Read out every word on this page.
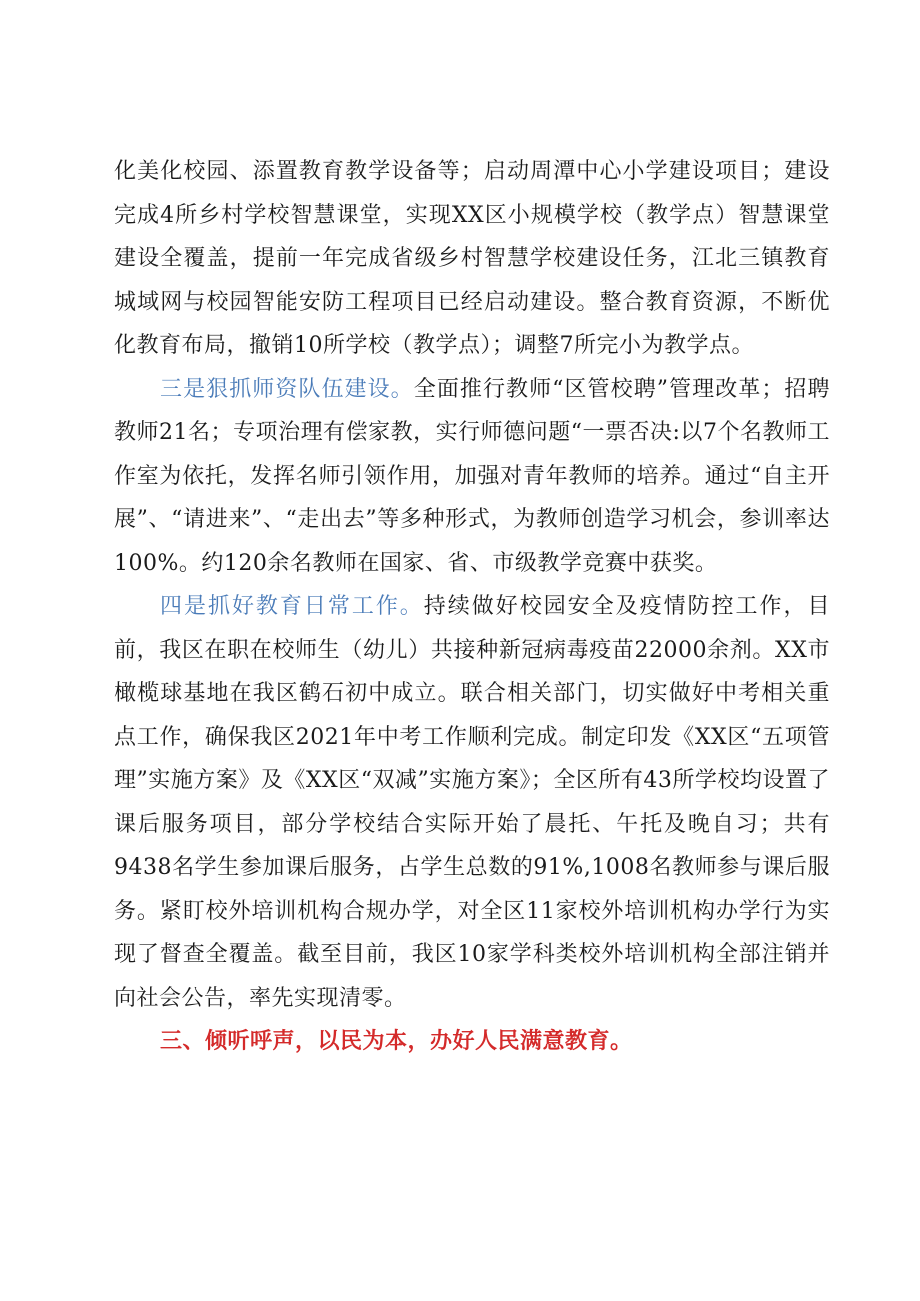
化美化校园、添置教育教学设备等；启动周潭中心小学建设项目；建设完成4所乡村学校智慧课堂，实现XX区小规模学校（教学点）智慧课堂建设全覆盖，提前一年完成省级乡村智慧学校建设任务，江北三镇教育城域网与校园智能安防工程项目已经启动建设。整合教育资源，不断优化教育布局，撤销10所学校（教学点）；调整7所完小为教学点。

三是狠抓师资队伍建设。全面推行教师“区管校聘”管理改革；招聘教师21名；专项治理有偿家教，实行师德问题“一票否决:以7个名教师工作室为依托，发挥名师引领作用，加强对青年教师的培养。通过“自主开展”、“请进来”、“走出去”等多种形式，为教师创造学习机会，参训率达100%。约120余名教师在国家、省、市级教学竞赛中获奖。

四是抓好教育日常工作。持续做好校园安全及疫情防控工作，目前，我区在职在校师生（幼儿）共接种新冠病毒疫苗22000余剂。XX市橄榄球基地在我区鹤石初中成立。联合相关部门，切实做好中考相关重点工作，确保我区2021年中考工作顺利完成。制定印发《XX区“五项管理”实施方案》及《XX区“双减”实施方案》；全区所有43所学校均设置了课后服务项目，部分学校结合实际开始了晨托、午托及晚自习；共有9438名学生参加课后服务，占学生总数的91%,1008名教师参与课后服务。紧盯校外培训机构合规办学，对全区11家校外培训机构办学行为实现了督查全覆盖。截至目前，我区10家学科类校外培训机构全部注销并向社会公告，率先实现清零。

三、倾听呼声，以民为本，办好人民满意教育。
